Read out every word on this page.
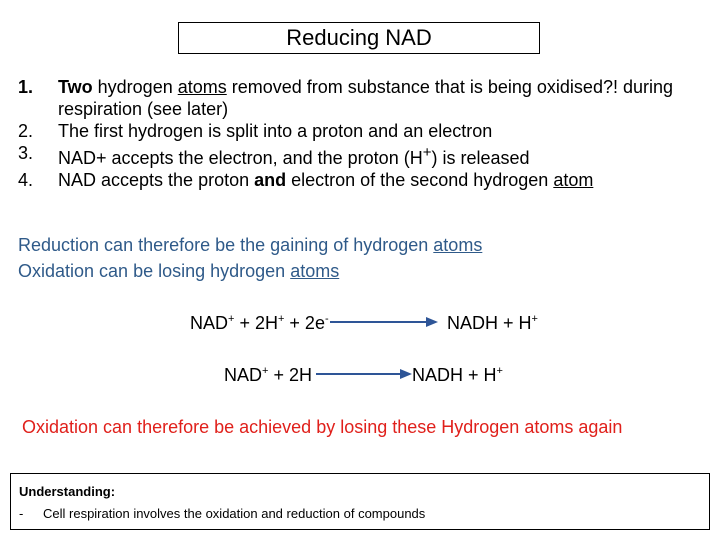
Reducing NAD
1.	Two hydrogen atoms removed from substance that is being oxidised?! during respiration (see later)
2.	The first hydrogen is split into a proton and an electron
3.	NAD+ accepts the electron, and the proton (H+) is released
4.	NAD accepts the proton and electron of the second hydrogen atom
Reduction can therefore be the gaining of hydrogen atoms
Oxidation can be losing hydrogen atoms
NAD+ + 2H+ + 2e-	NADH + H+
NAD+ + 2H	NADH + H+
Oxidation can therefore be achieved by losing these Hydrogen atoms again
Understanding:
-	Cell respiration involves the oxidation and reduction of compounds
